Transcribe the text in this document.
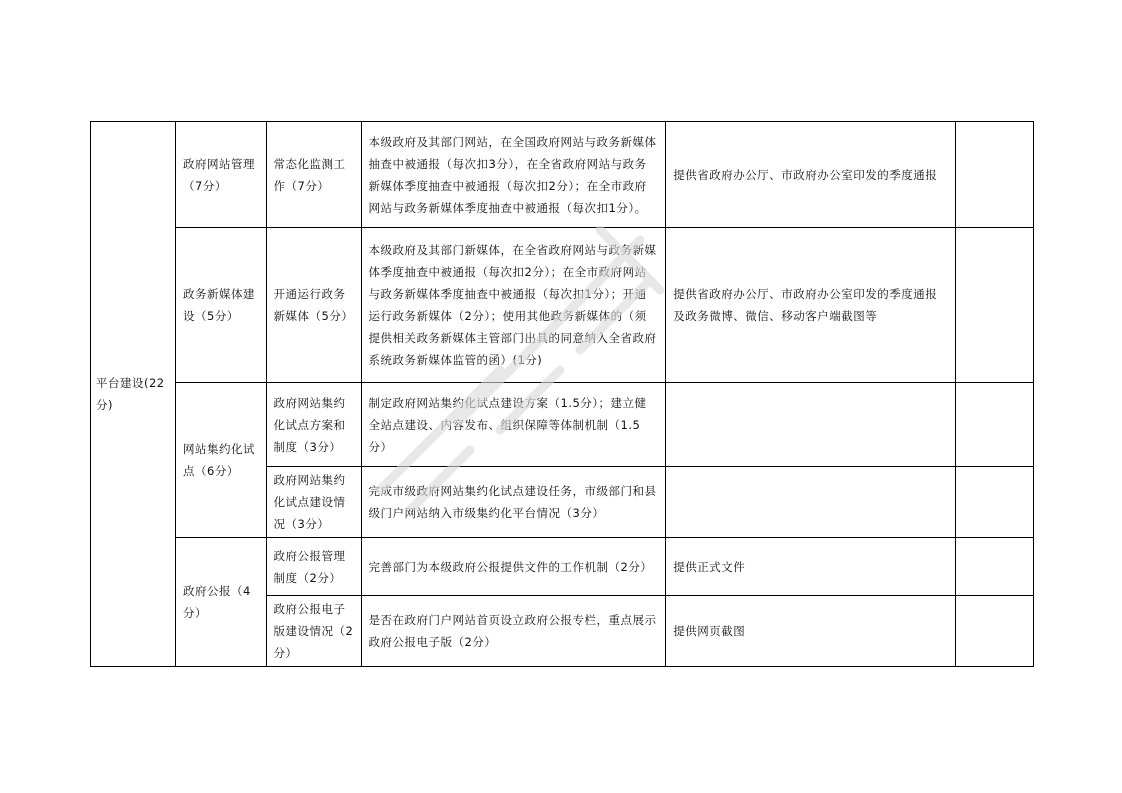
平台建设(22分)	政府网站管理（7分）	常态化监测工作（7分）	本级政府及其部门网站，在全国政府网站与政务新媒体抽查中被通报（每次扣3分），在全省政府网站与政务新媒体季度抽查中被通报（每次扣2分）；在全市政府网站与政务新媒体季度抽查中被通报（每次扣1分）。	提供省政府办公厅、市政府办公室印发的季度通报	
	政务新媒体建设（5分）	开通运行政务新媒体（5分）	本级政府及其部门新媒体，在全省政府网站与政务新媒体季度抽查中被通报（每次扣2分）；在全市政府网站与政务新媒体季度抽查中被通报（每次扣1分）；开通运行政务新媒体（2分）；使用其他政务新媒体的（须提供相关政务新媒体主管部门出具的同意纳入全省政府系统政务新媒体监管的函）(1分)	提供省政府办公厅、市政府办公室印发的季度通报及政务微博、微信、移动客户端截图等	
	网站集约化试点（6分）	政府网站集约化试点方案和制度（3分）	制定政府网站集约化试点建设方案（1.5分）；建立健全站点建设、内容发布、组织保障等体制机制（1.5分）		
		政府网站集约化试点建设情况（3分）	完成市级政府网站集约化试点建设任务，市级部门和县级门户网站纳入市级集约化平台情况（3分）		
	政府公报（4分）	政府公报管理制度（2分）	完善部门为本级政府公报提供文件的工作机制（2分）	提供正式文件	
		政府公报电子版建设情况（2分）	是否在政府门户网站首页设立政府公报专栏，重点展示政府公报电子版（2分）	提供网页截图	
